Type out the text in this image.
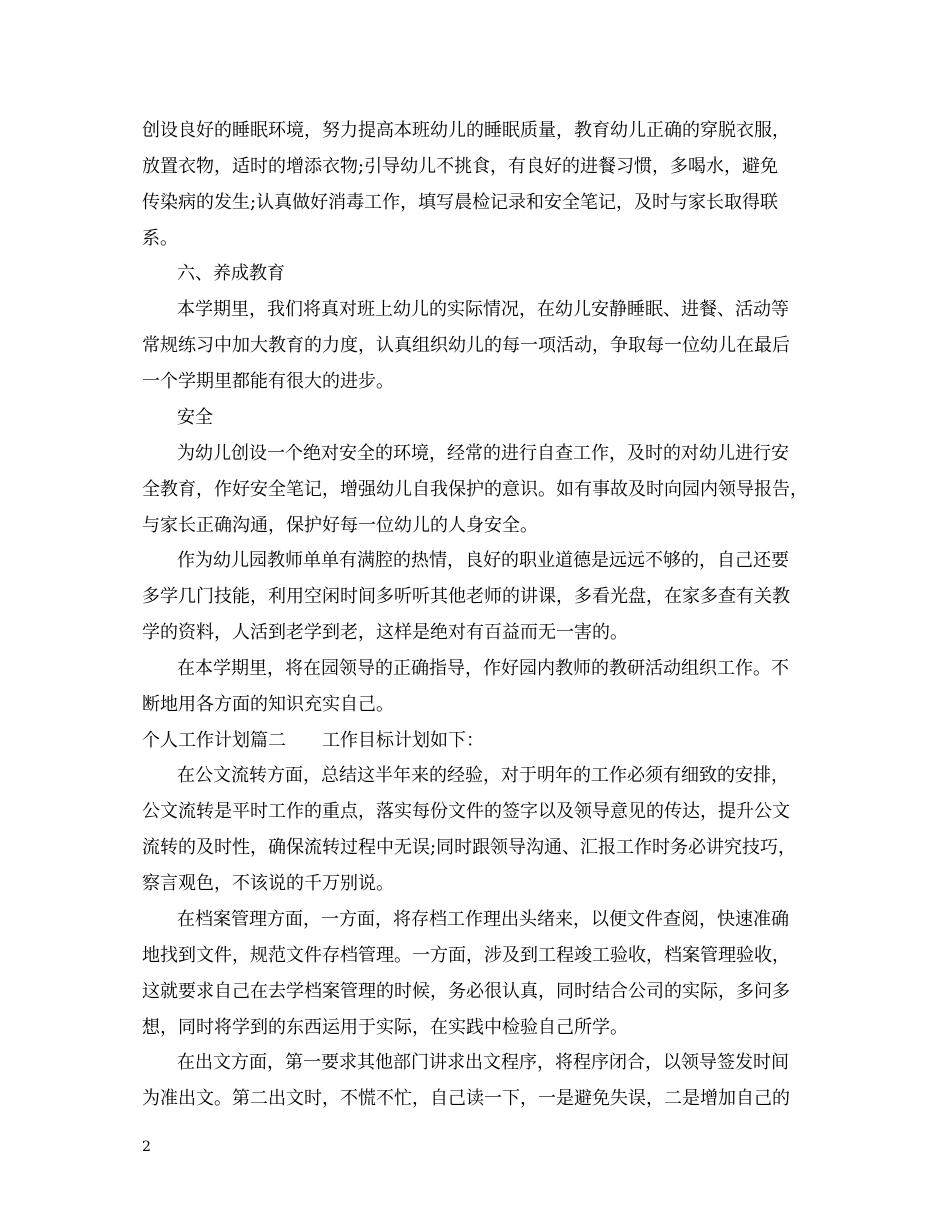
创设良好的睡眠环境，努力提高本班幼儿的睡眠质量，教育幼儿正确的穿脱衣服，
放置衣物，适时的增添衣物;引导幼儿不挑食，有良好的进餐习惯，多喝水，避免
传染病的发生;认真做好消毒工作，填写晨检记录和安全笔记，及时与家长取得联
系。
六、养成教育
本学期里，我们将真对班上幼儿的实际情况，在幼儿安静睡眠、进餐、活动等
常规练习中加大教育的力度，认真组织幼儿的每一项活动，争取每一位幼儿在最后
一个学期里都能有很大的进步。
安全
为幼儿创设一个绝对安全的环境，经常的进行自查工作，及时的对幼儿进行安
全教育，作好安全笔记，增强幼儿自我保护的意识。如有事故及时向园内领导报告，
与家长正确沟通，保护好每一位幼儿的人身安全。
作为幼儿园教师单单有满腔的热情，良好的职业道德是远远不够的，自己还要
多学几门技能，利用空闲时间多听听其他老师的讲课，多看光盘，在家多查有关教
学的资料，人活到老学到老，这样是绝对有百益而无一害的。
在本学期里，将在园领导的正确指导，作好园内教师的教研活动组织工作。不
断地用各方面的知识充实自己。
个人工作计划篇二　　工作目标计划如下：
在公文流转方面，总结这半年来的经验，对于明年的工作必须有细致的安排，
公文流转是平时工作的重点，落实每份文件的签字以及领导意见的传达，提升公文
流转的及时性，确保流转过程中无误;同时跟领导沟通、汇报工作时务必讲究技巧，
察言观色，不该说的千万别说。
在档案管理方面，一方面，将存档工作理出头绪来，以便文件查阅，快速准确
地找到文件，规范文件存档管理。一方面，涉及到工程竣工验收，档案管理验收，
这就要求自己在去学档案管理的时候，务必很认真，同时结合公司的实际，多问多
想，同时将学到的东西运用于实际，在实践中检验自己所学。
在出文方面，第一要求其他部门讲求出文程序，将程序闭合，以领导签发时间
为准出文。第二出文时，不慌不忙，自己读一下，一是避免失误，二是增加自己的
2
